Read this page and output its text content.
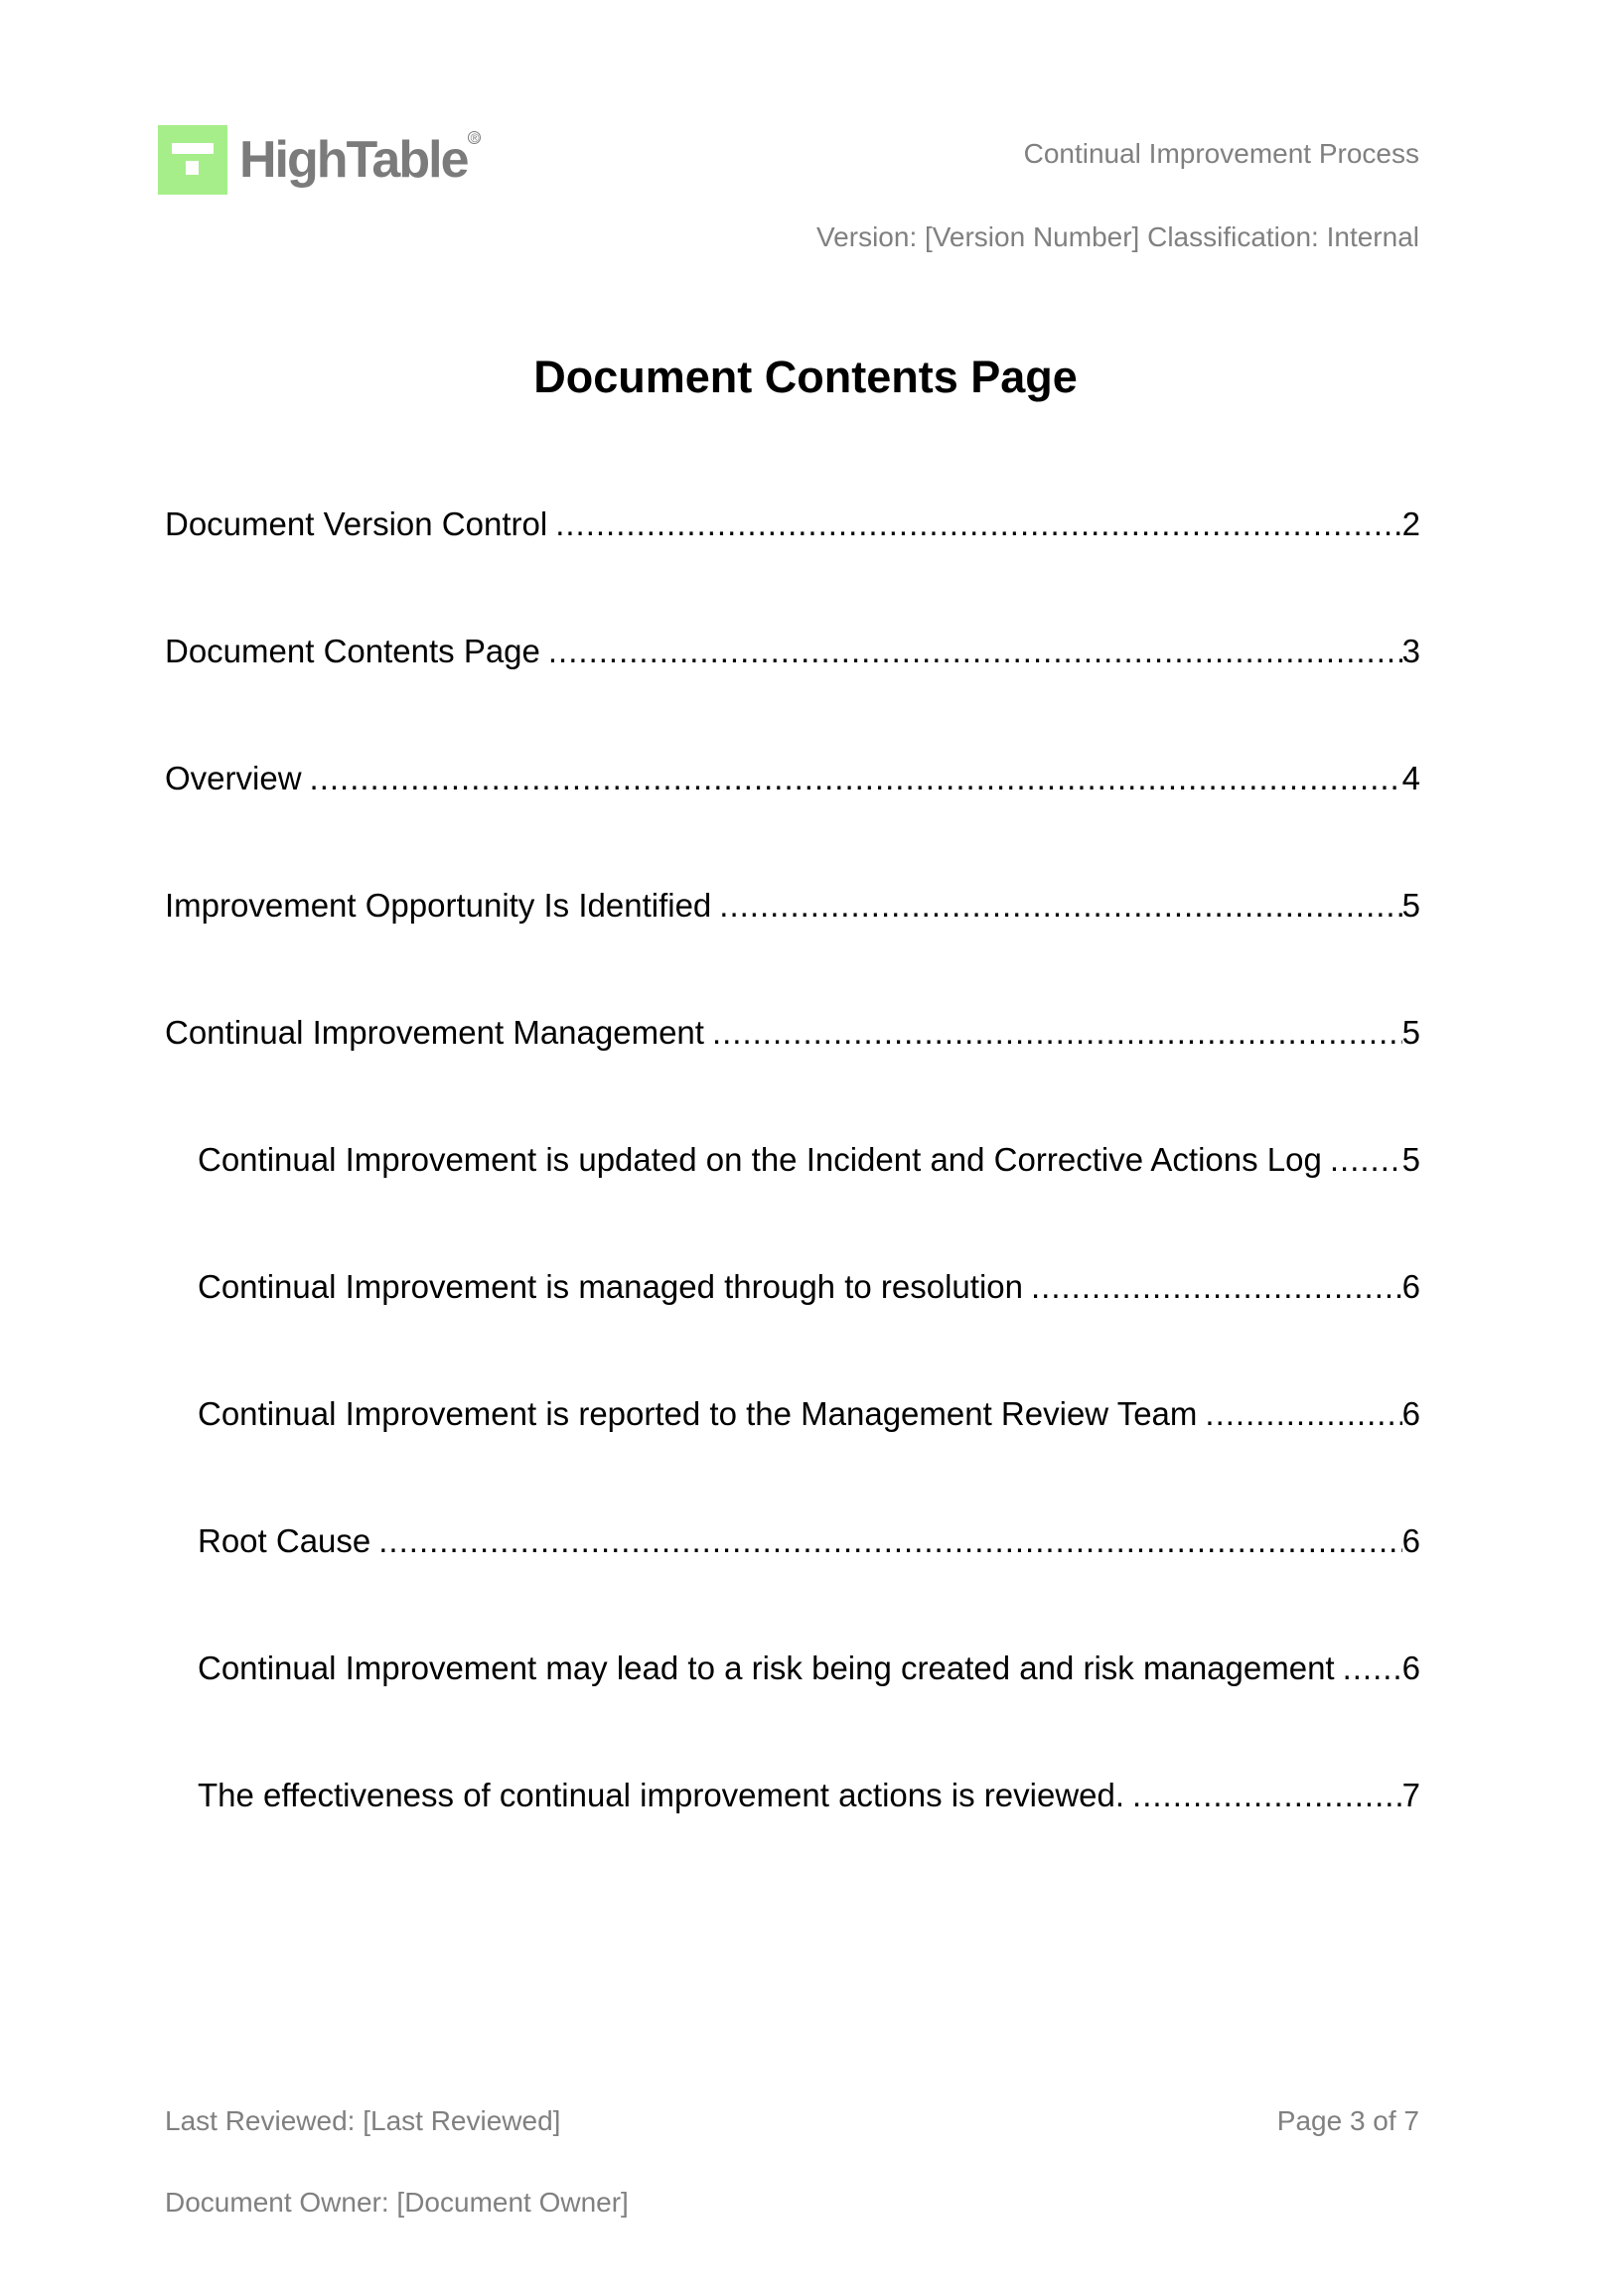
HighTable ®	Continual Improvement Process
Version: [Version Number] Classification: Internal
Document Contents Page
Document Version Control .....	2
Document Contents Page .....	3
Overview .....	4
Improvement Opportunity Is Identified .....	5
Continual Improvement Management .....	5
Continual Improvement is updated on the Incident and Corrective Actions Log ..... 5
Continual Improvement is managed through to resolution .....	6
Continual Improvement is reported to the Management Review Team .....	6
Root Cause .....	6
Continual Improvement may lead to a risk being created and risk management ..... 6
The effectiveness of continual improvement actions is reviewed. .....	7
Last Reviewed: [Last Reviewed]	Page 3 of 7
Document Owner: [Document Owner]
